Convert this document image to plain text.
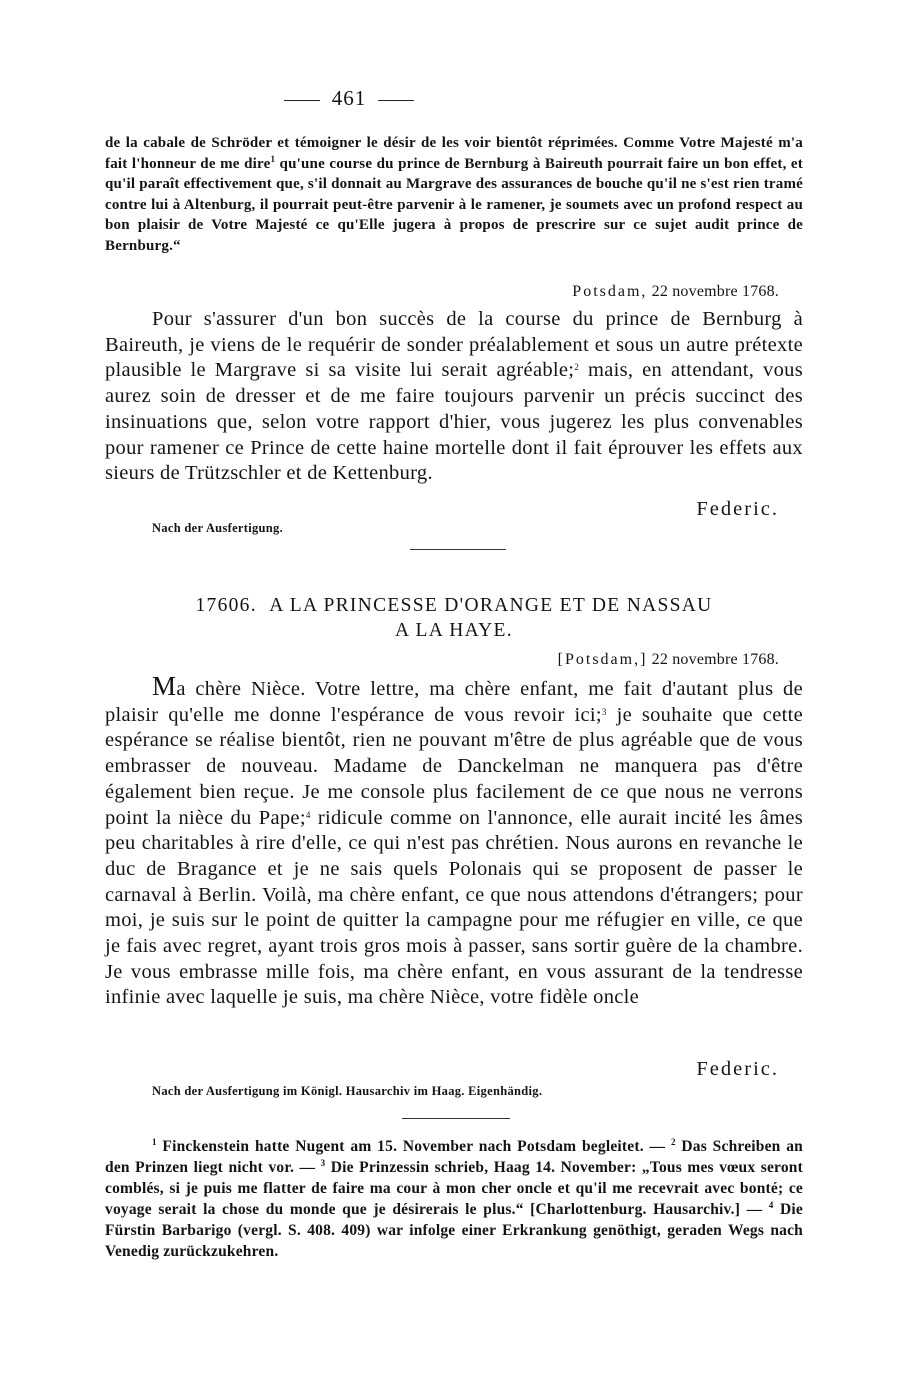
461
de la cabale de Schröder et témoigner le désir de les voir bientôt réprimées. Comme Votre Majesté m'a fait l'honneur de me dire$^1$ qu'une course du prince de Bernburg à Baireuth pourrait faire un bon effet, et qu'il paraît effectivement que, s'il donnait au Margrave des assurances de bouche qu'il ne s'est rien tramé contre lui à Altenburg, il pourrait peut-être parvenir à le ramener, je soumets avec un profond respect au bon plaisir de Votre Majesté ce qu'Elle jugera à propos de prescrire sur ce sujet audit prince de Bernburg.“
Potsdam, 22 novembre 1768.
Pour s'assurer d'un bon succès de la course du prince de Bernburg à Baireuth, je viens de le requérir de sonder préalablement et sous un autre prétexte plausible le Margrave si sa visite lui serait agréable;$^2$ mais, en attendant, vous aurez soin de dresser et de me faire toujours parvenir un précis succinct des insinuations que, selon votre rapport d'hier, vous jugerez les plus convenables pour ramener ce Prince de cette haine mortelle dont il fait éprouver les effets aux sieurs de Trützschler et de Kettenburg.
Federic.
Nach der Ausfertigung.
17606. A LA PRINCESSE D'ORANGE ET DE NASSAU
A LA HAYE.
[Potsdam,] 22 novembre 1768.
Ma chère Nièce. Votre lettre, ma chère enfant, me fait d'autant plus de plaisir qu'elle me donne l'espérance de vous revoir ici;$^3$ je souhaite que cette espérance se réalise bientôt, rien ne pouvant m'être de plus agréable que de vous embrasser de nouveau. Madame de Danckelman ne manquera pas d'être également bien reçue. Je me console plus facilement de ce que nous ne verrons point la nièce du Pape;$^4$ ridicule comme on l'annonce, elle aurait incité les âmes peu charitables à rire d'elle, ce qui n'est pas chrétien. Nous aurons en revanche le duc de Bragance et je ne sais quels Polonais qui se proposent de passer le carnaval à Berlin. Voilà, ma chère enfant, ce que nous attendons d'étrangers; pour moi, je suis sur le point de quitter la campagne pour me réfugier en ville, ce que je fais avec regret, ayant trois gros mois à passer, sans sortir guère de la chambre. Je vous embrasse mille fois, ma chère enfant, en vous assurant de la tendresse infinie avec laquelle je suis, ma chère Nièce, votre fidèle oncle
Federic.
Nach der Ausfertigung im Königl. Hausarchiv im Haag. Eigenhändig.
$^1$ Finckenstein hatte Nugent am 15. November nach Potsdam begleitet. — $^2$ Das Schreiben an den Prinzen liegt nicht vor. — $^3$ Die Prinzessin schrieb, Haag 14. November: „Tous mes vœux seront comblés, si je puis me flatter de faire ma cour à mon cher oncle et qu'il me recevrait avec bonté; ce voyage serait la chose du monde que je désirerais le plus.“ [Charlottenburg. Hausarchiv.] — $^4$ Die Fürstin Barbarigo (vergl. S. 408. 409) war infolge einer Erkrankung genöthigt, geraden Wegs nach Venedig zurückzukehren.
